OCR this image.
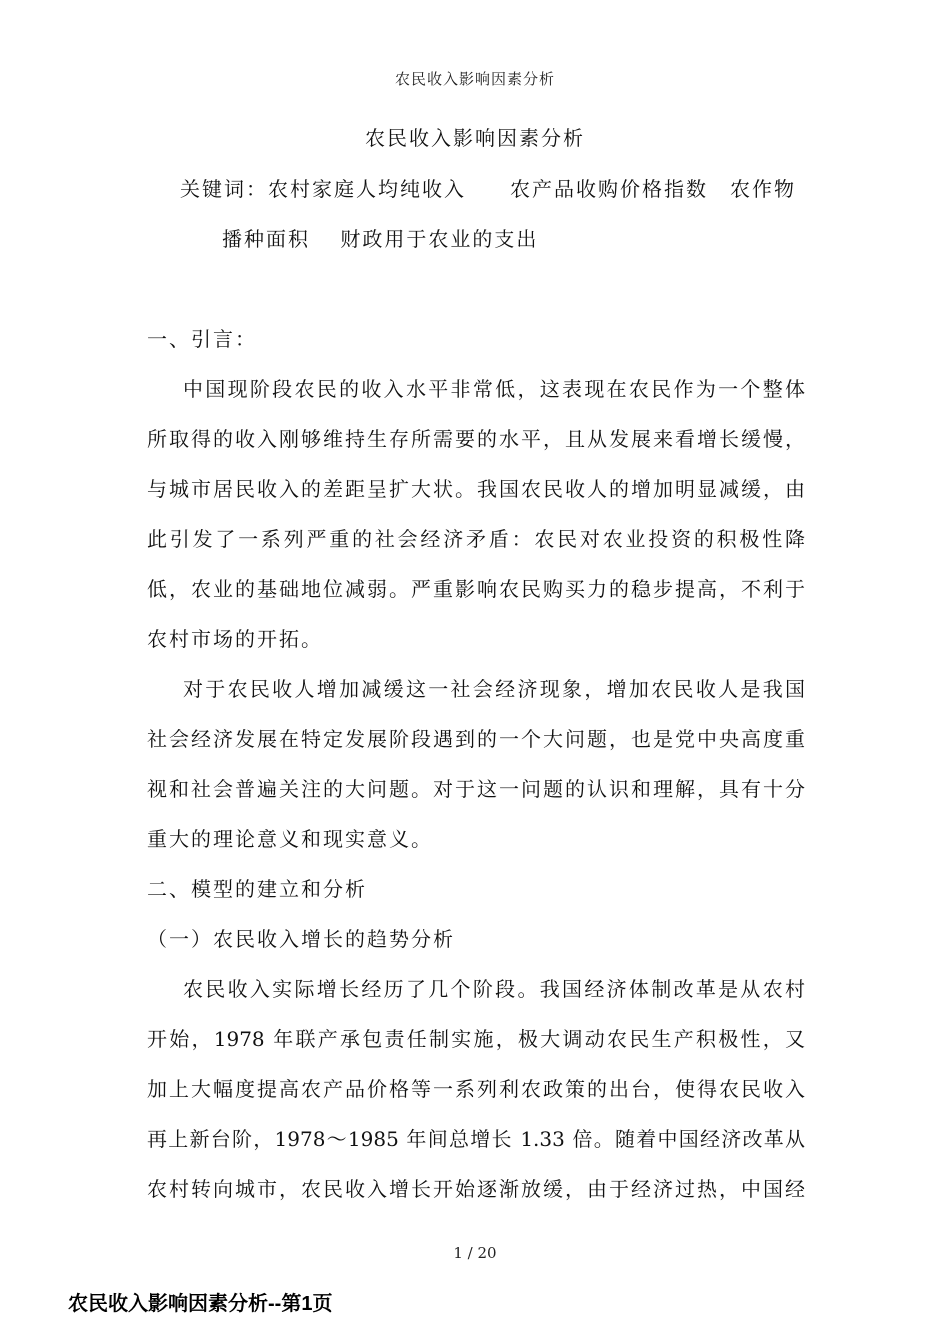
农民收入影响因素分析
农民收入影响因素分析
关键词：农村家庭人均纯收入　　农产品收购价格指数　农作物
播种面积　 财政用于农业的支出
一、引言：
中国现阶段农民的收入水平非常低，这表现在农民作为一个整体
所取得的收入刚够维持生存所需要的水平，且从发展来看增长缓慢，
与城市居民收入的差距呈扩大状。我国农民收人的增加明显减缓，由
此引发了一系列严重的社会经济矛盾：农民对农业投资的积极性降
低，农业的基础地位减弱。严重影响农民购买力的稳步提高，不利于
农村市场的开拓。
对于农民收人增加减缓这一社会经济现象，增加农民收人是我国
社会经济发展在特定发展阶段遇到的一个大问题，也是党中央高度重
视和社会普遍关注的大问题。对于这一问题的认识和理解，具有十分
重大的理论意义和现实意义。
二、模型的建立和分析
（一）农民收入增长的趋势分析
农民收入实际增长经历了几个阶段。我国经济体制改革是从农村
开始，1978 年联产承包责任制实施，极大调动农民生产积极性，又
加上大幅度提高农产品价格等一系列利农政策的出台，使得农民收入
再上新台阶，1978～1985 年间总增长 1.33 倍。随着中国经济改革从
农村转向城市，农民收入增长开始逐渐放缓，由于经济过热，中国经
1 / 20
农民收入影响因素分析--第1页
